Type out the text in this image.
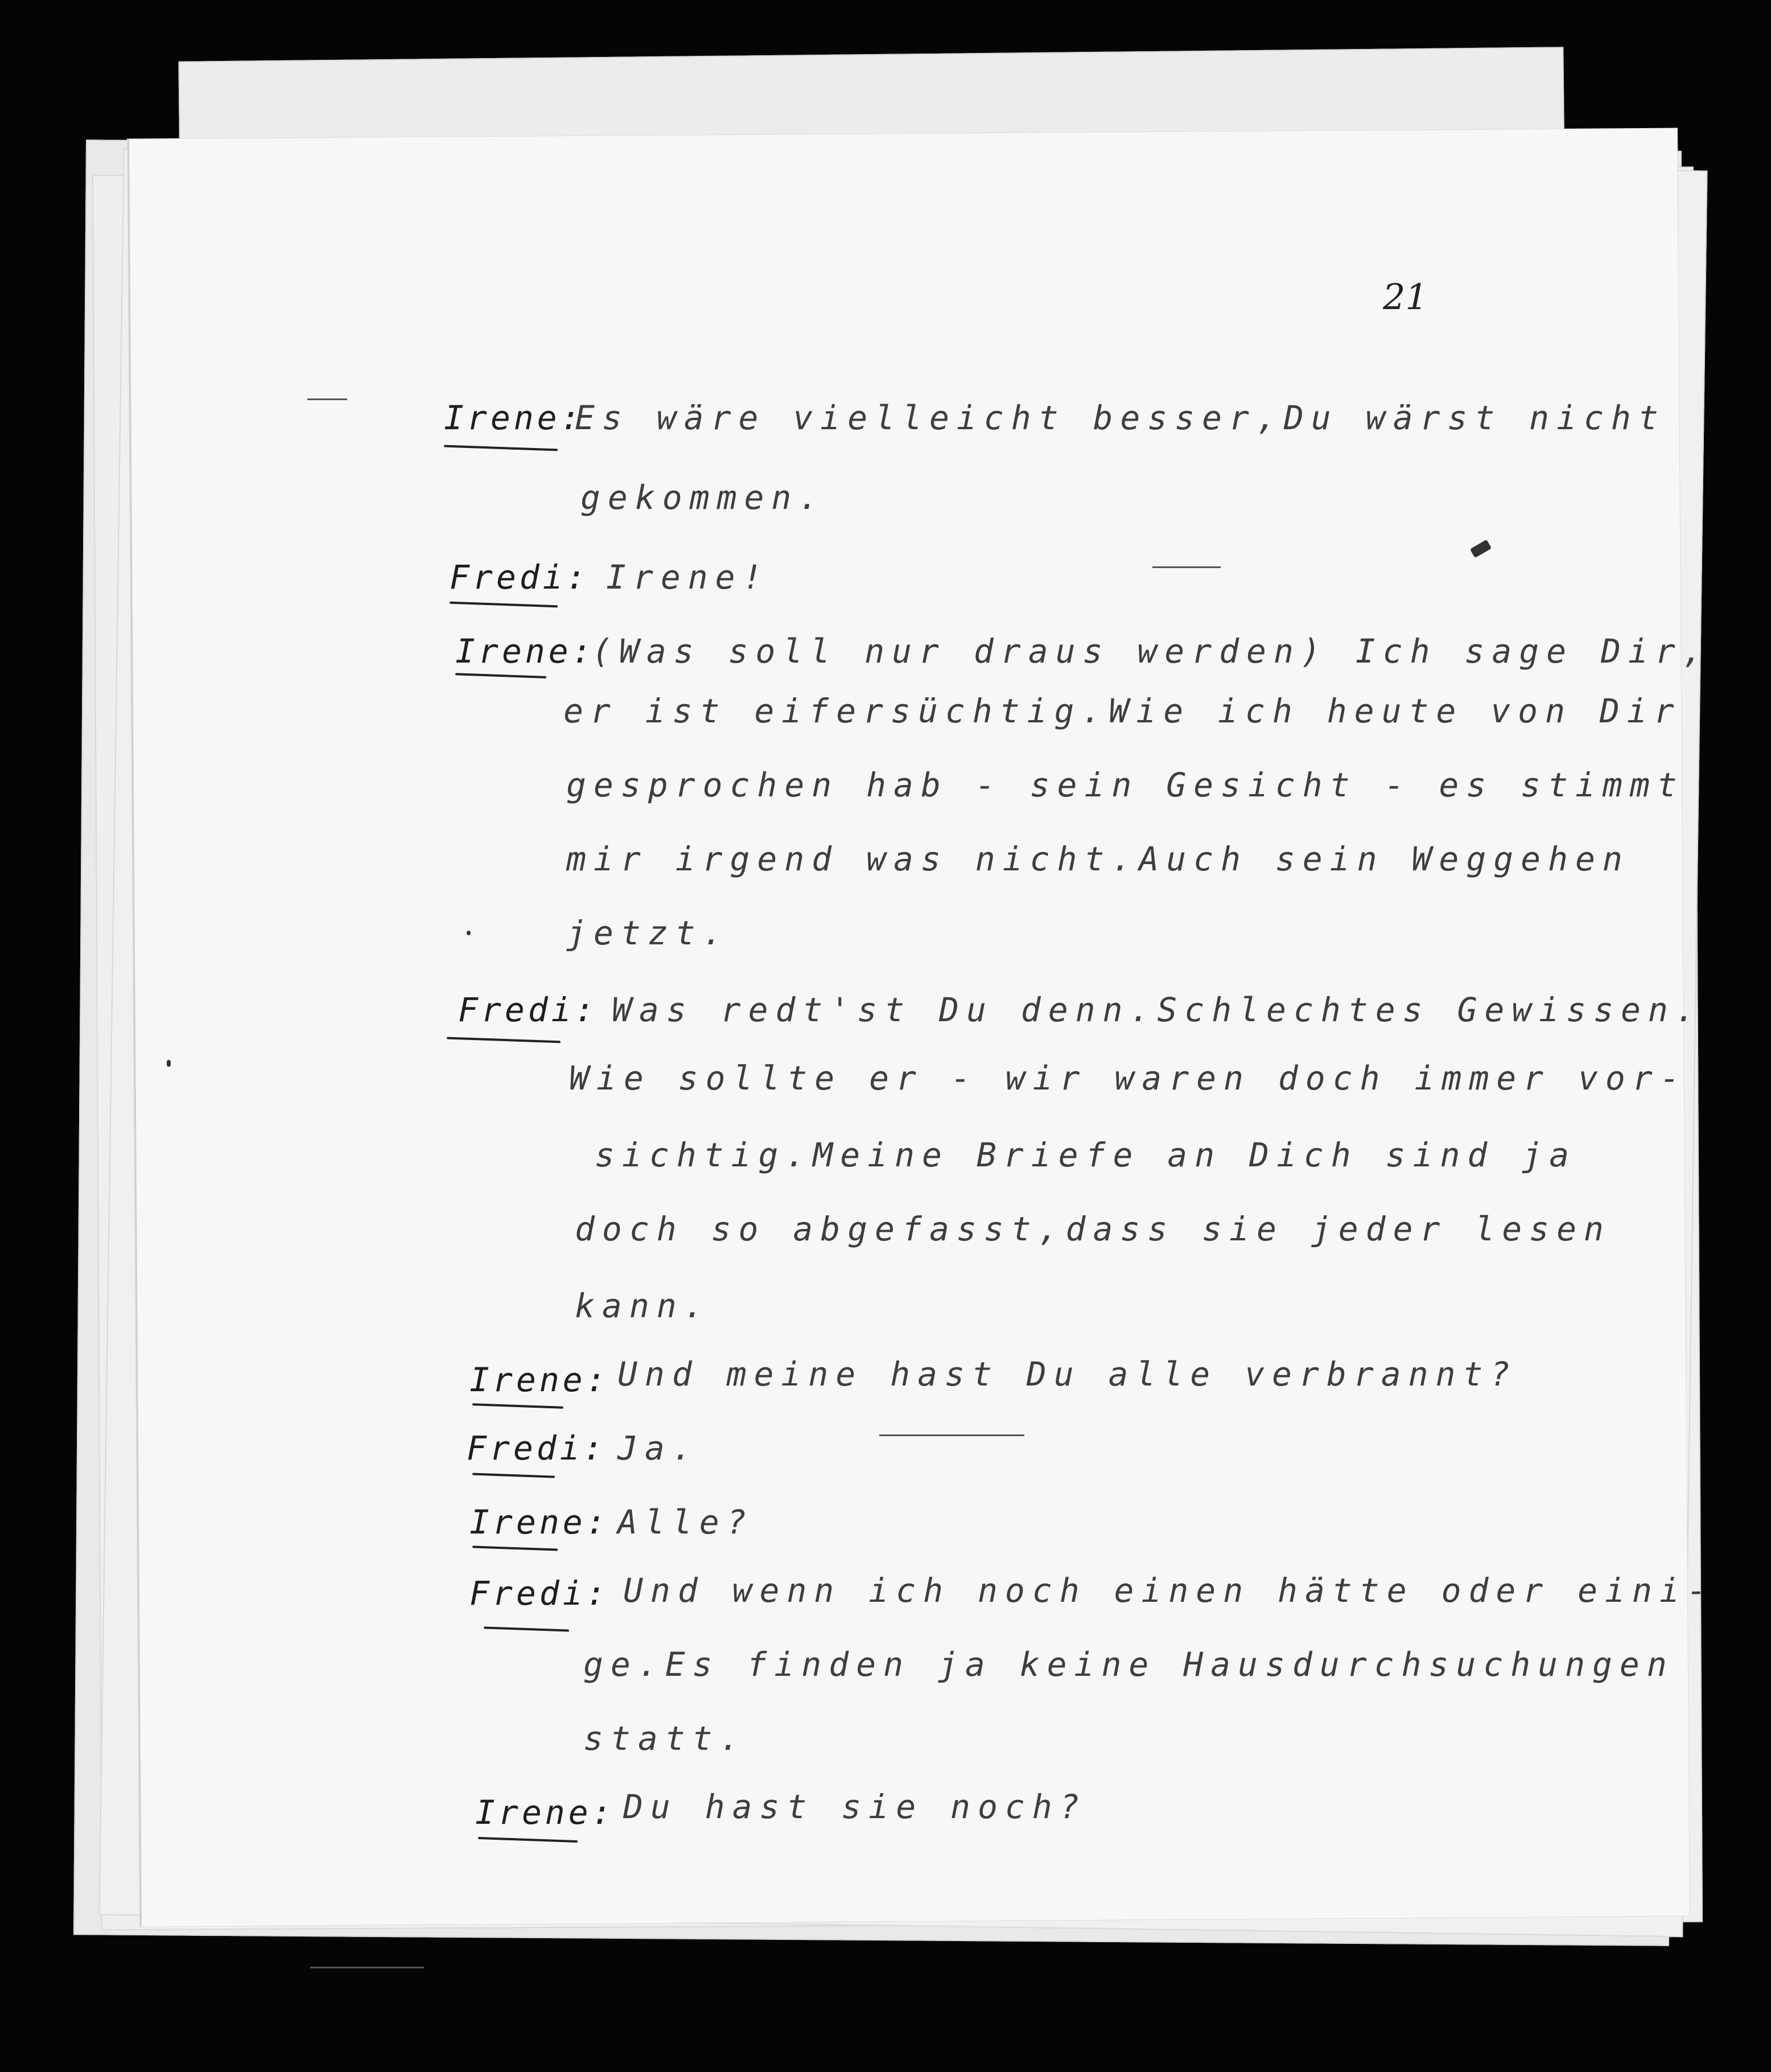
21
Irene:
Es wäre vielleicht besser,Du wärst nicht
gekommen.
Fredi: Irene!
Irene:
(Was soll nur draus werden) Ich sage Dir,
er ist eifersüchtig.Wie ich heute von Dir
gesprochen hab - sein Gesicht - es stimmt
mir irgend was nicht.Auch sein Weggehen
jetzt.
Fredi: Was redt'st Du denn.Schlechtes Gewissen.
Wie sollte er - wir waren doch immer vor-
sichtig.Meine Briefe an Dich sind ja
doch so abgefasst,dass sie jeder lesen
kann.
Irene: Und meine hast Du alle verbrannt?
Fredi: Ja.
Irene: Alle?
Fredi: Und wenn ich noch einen hätte oder eini-
ge.Es finden ja keine Hausdurchsuchungen
statt.
Irene: Du hast sie noch?
